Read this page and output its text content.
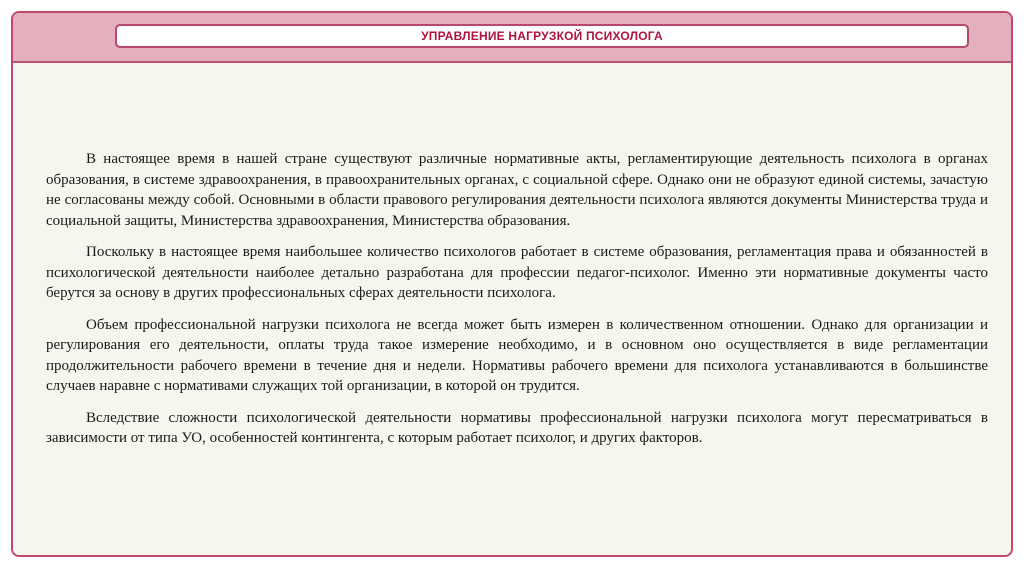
УПРАВЛЕНИЕ НАГРУЗКОЙ ПСИХОЛОГА

В настоящее время в нашей стране существуют различные нормативные акты, регламентирующие деятельность психолога в органах образования, в системе здравоохранения, в правоохранительных органах, с социальной сфере. Однако они не образуют единой системы, зачастую не согласованы между собой. Основными в области правового регулирования деятельности психолога являются документы Министерства труда и социальной защиты, Министерства здравоохранения, Министерства образования.

Поскольку в настоящее время наибольшее количество психологов работает в системе образования, регламентация права и обязанностей в психологической деятельности наиболее детально разработана для профессии педагог-психолог. Именно эти нормативные документы часто берутся за основу в других профессиональных сферах деятельности психолога.

Объем профессиональной нагрузки психолога не всегда может быть измерен в количественном отношении. Однако для организации и регулирования его деятельности, оплаты труда такое измерение необходимо, и в основном оно осуществляется в виде регламентации продолжительности рабочего времени в течение дня и недели. Нормативы рабочего времени для психолога устанавливаются в большинстве случаев наравне с нормативами служащих той организации, в которой он трудится.

Вследствие сложности психологической деятельности нормативы профессиональной нагрузки психолога могут пересматриваться в зависимости от типа УО, особенностей контингента, с которым работает психолог, и других факторов.
